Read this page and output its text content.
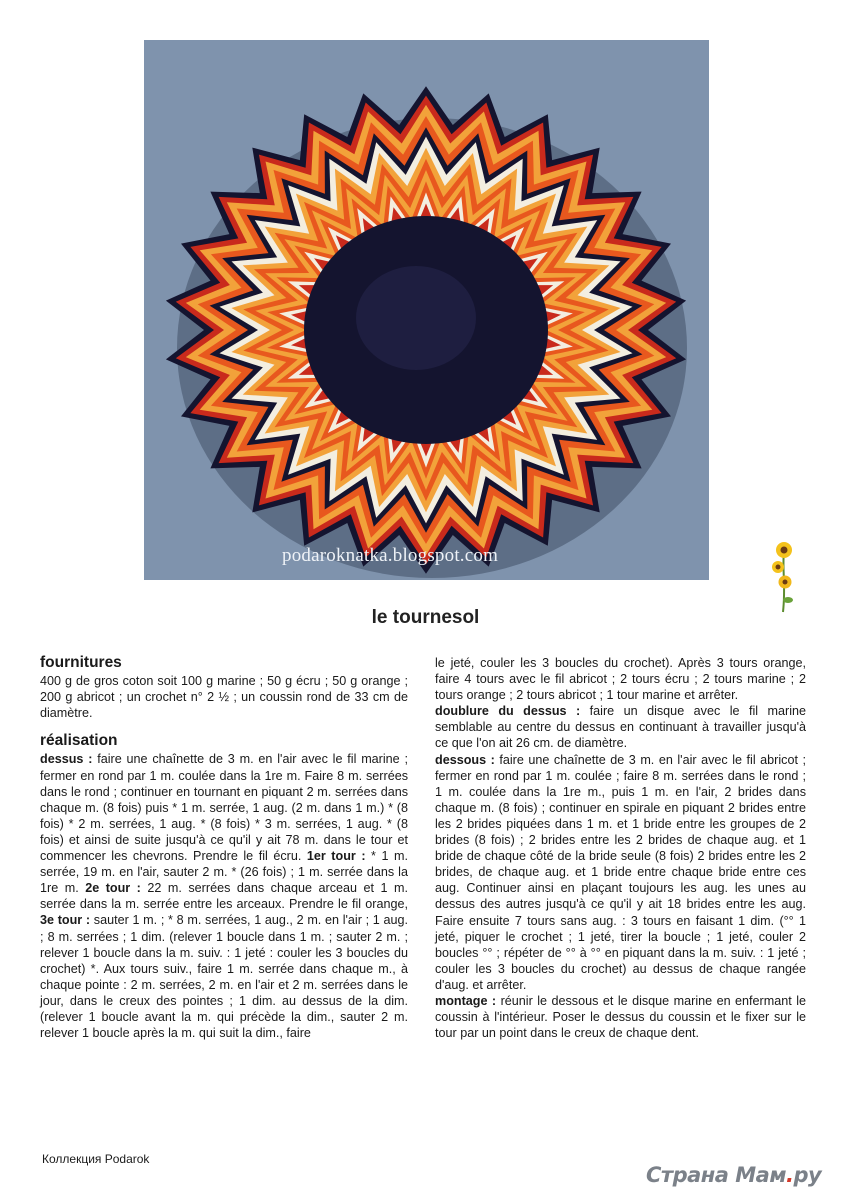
podaroknatka.blogspot.com
le tournesol
fournitures

400 g de gros coton soit 100 g marine ; 50 g écru ; 50 g orange ; 200 g abricot ; un crochet n° 2 ½ ; un coussin rond de 33 cm de diamètre.

réalisation

dessus : faire une chaînette de 3 m. en l'air avec le fil marine ; fermer en rond par 1 m. coulée dans la 1re m. Faire 8 m. serrées dans le rond ; continuer en tournant en piquant 2 m. serrées dans chaque m. (8 fois) puis * 1 m. serrée, 1 aug. (2 m. dans 1 m.) * (8 fois) * 2 m. serrées, 1 aug. * (8 fois) * 3 m. serrées, 1 aug. * (8 fois) et ainsi de suite jusqu'à ce qu'il y ait 78 m. dans le tour et commencer les chevrons. Prendre le fil écru. 1er tour : * 1 m. serrée, 19 m. en l'air, sauter 2 m. * (26 fois) ; 1 m. serrée dans la 1re m. 2e tour : 22 m. serrées dans chaque arceau et 1 m. serrée dans la m. serrée entre les arceaux. Prendre le fil orange, 3e tour : sauter 1 m. ; * 8 m. serrées, 1 aug., 2 m. en l'air ; 1 aug. ; 8 m. serrées ; 1 dim. (relever 1 boucle dans 1 m. ; sauter 2 m. ; relever 1 boucle dans la m. suiv. : 1 jeté : couler les 3 boucles du crochet) *. Aux tours suiv., faire 1 m. serrée dans chaque m., à chaque pointe : 2 m. serrées, 2 m. en l'air et 2 m. serrées dans le jour, dans le creux des pointes ; 1 dim. au dessus de la dim. (relever 1 boucle avant la m. qui précède la dim., sauter 2 m. relever 1 boucle après la m. qui suit la dim., faire

le jeté, couler les 3 boucles du crochet). Après 3 tours orange, faire 4 tours avec le fil abricot ; 2 tours écru ; 2 tours marine ; 2 tours orange ; 2 tours abricot ; 1 tour marine et arrêter.

doublure du dessus : faire un disque avec le fil marine semblable au centre du dessus en continuant à travailler jusqu'à ce que l'on ait 26 cm. de diamètre.

dessous : faire une chaînette de 3 m. en l'air avec le fil abricot ; fermer en rond par 1 m. coulée ; faire 8 m. serrées dans le rond ; 1 m. coulée dans la 1re m., puis 1 m. en l'air, 2 brides dans chaque m. (8 fois) ; continuer en spirale en piquant 2 brides entre les 2 brides piquées dans 1 m. et 1 bride entre les groupes de 2 brides (8 fois) ; 2 brides entre les 2 brides de chaque aug. et 1 bride de chaque côté de la bride seule (8 fois) 2 brides entre les 2 brides, de chaque aug. et 1 bride entre chaque bride entre ces aug. Continuer ainsi en plaçant toujours les aug. les unes au dessus des autres jusqu'à ce qu'il y ait 18 brides entre les aug. Faire ensuite 7 tours sans aug. : 3 tours en faisant 1 dim. (°° 1 jeté, piquer le crochet ; 1 jeté, tirer la boucle ; 1 jeté, couler 2 boucles °° ; répéter de °° à °° en piquant dans la m. suiv. : 1 jeté ; couler les 3 boucles du crochet) au dessus de chaque rangée d'aug. et arrêter.

montage : réunir le dessous et le disque marine en enfermant le coussin à l'intérieur. Poser le dessus du coussin et le fixer sur le tour par un point dans le creux de chaque dent.

Коллекция Podarok
Страна Мам.ру
